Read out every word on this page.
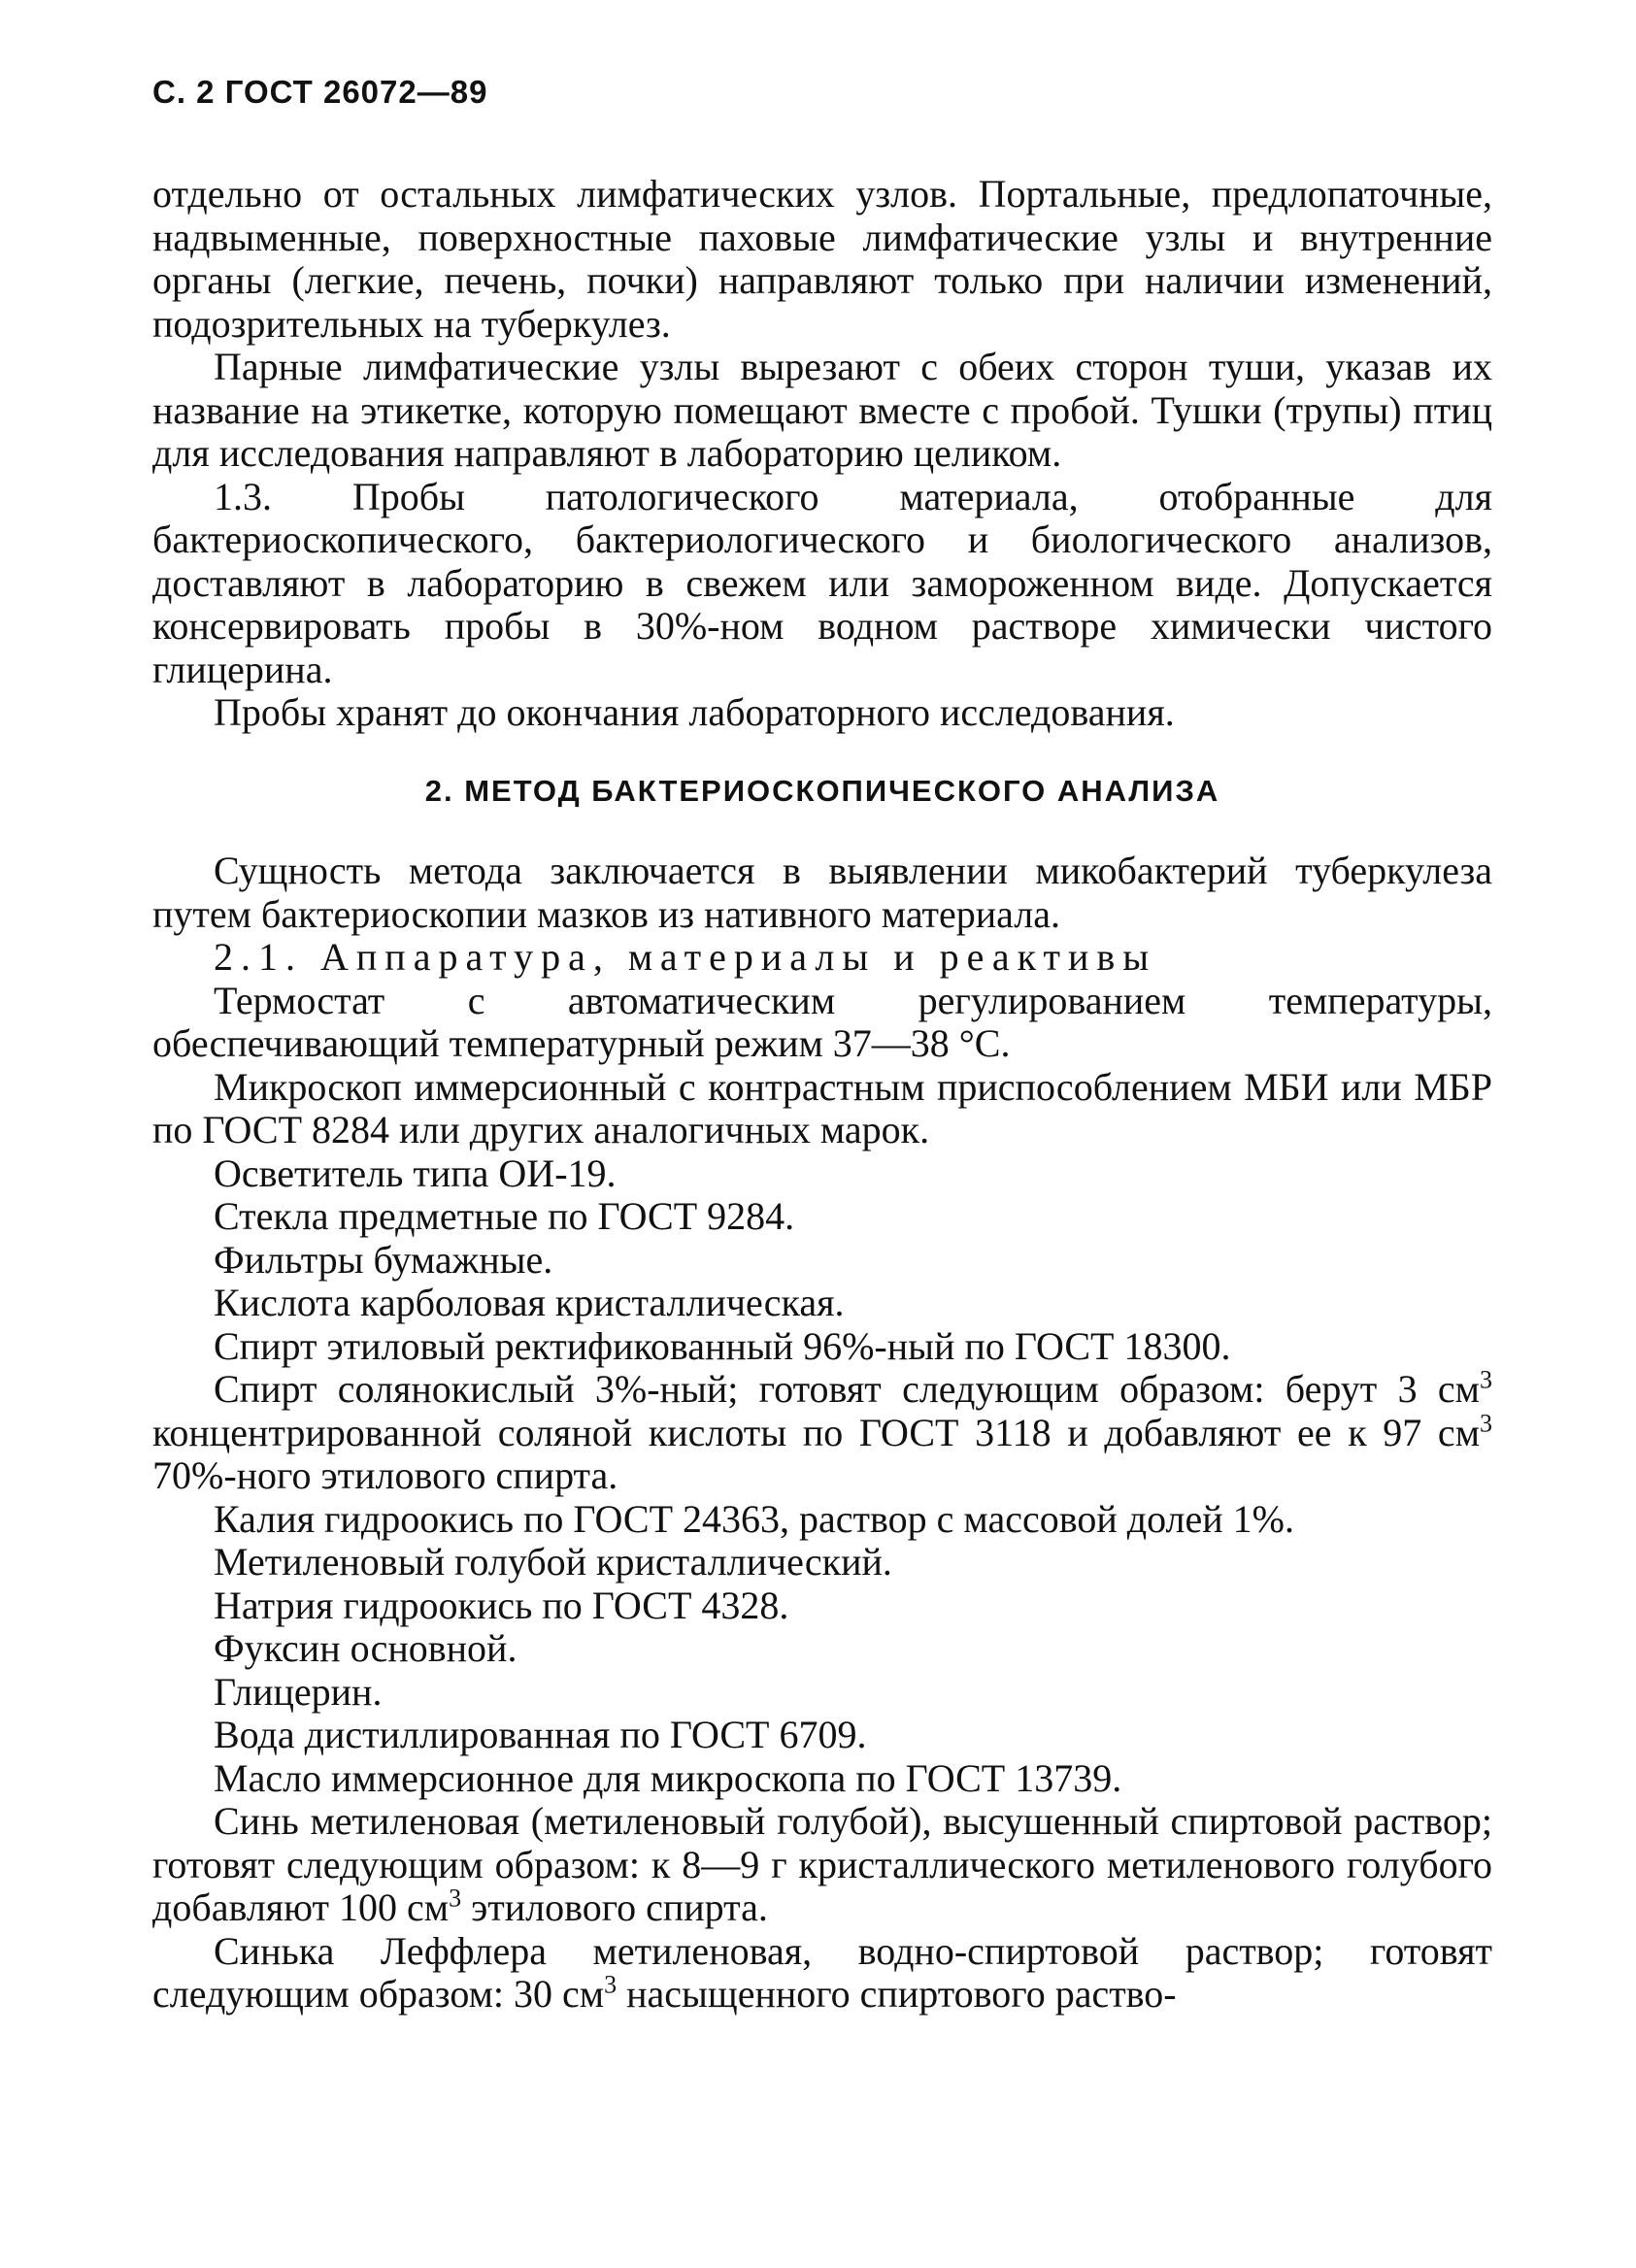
С. 2 ГОСТ 26072—89

отдельно от остальных лимфатических узлов. Портальные, предлопаточные, надвыменные, поверхностные паховые лимфатические узлы и внутренние органы (легкие, печень, почки) направляют только при наличии изменений, подозрительных на туберкулез.

Парные лимфатические узлы вырезают с обеих сторон туши, указав их название на этикетке, которую помещают вместе с пробой. Тушки (трупы) птиц для исследования направляют в лабораторию целиком.

1.3. Пробы патологического материала, отобранные для бактериоскопического, бактериологического и биологического анализов, доставляют в лабораторию в свежем или замороженном виде. Допускается консервировать пробы в 30%-ном водном растворе химически чистого глицерина.

Пробы хранят до окончания лабораторного исследования.

2. МЕТОД БАКТЕРИОСКОПИЧЕСКОГО АНАЛИЗА

Сущность метода заключается в выявлении микобактерий туберкулеза путем бактериоскопии мазков из нативного материала.

2.1. Аппаратура, материалы и реактивы

Термостат с автоматическим регулированием температуры, обеспечивающий температурный режим 37—38 °С.

Микроскоп иммерсионный с контрастным приспособлением МБИ или МБР по ГОСТ 8284 или других аналогичных марок.

Осветитель типа ОИ-19.

Стекла предметные по ГОСТ 9284.

Фильтры бумажные.

Кислота карболовая кристаллическая.

Спирт этиловый ректификованный 96%-ный по ГОСТ 18300.

Спирт солянокислый 3%-ный; готовят следующим образом: берут 3 $см^3$ концентрированной соляной кислоты по ГОСТ 3118 и добавляют ее к 97 $см^3$ 70%-ного этилового спирта.

Калия гидроокись по ГОСТ 24363, раствор с массовой долей 1%.

Метиленовый голубой кристаллический.

Натрия гидроокись по ГОСТ 4328.

Фуксин основной.

Глицерин.

Вода дистиллированная по ГОСТ 6709.

Масло иммерсионное для микроскопа по ГОСТ 13739.

Синь метиленовая (метиленовый голубой), высушенный спиртовой раствор; готовят следующим образом: к 8—9 г кристаллического метиленового голубого добавляют 100 $см^3$ этилового спирта.

Синька Леффлера метиленовая, водно-спиртовой раствор; готовят следующим образом: 30 $см^3$ насыщенного спиртового раство-
